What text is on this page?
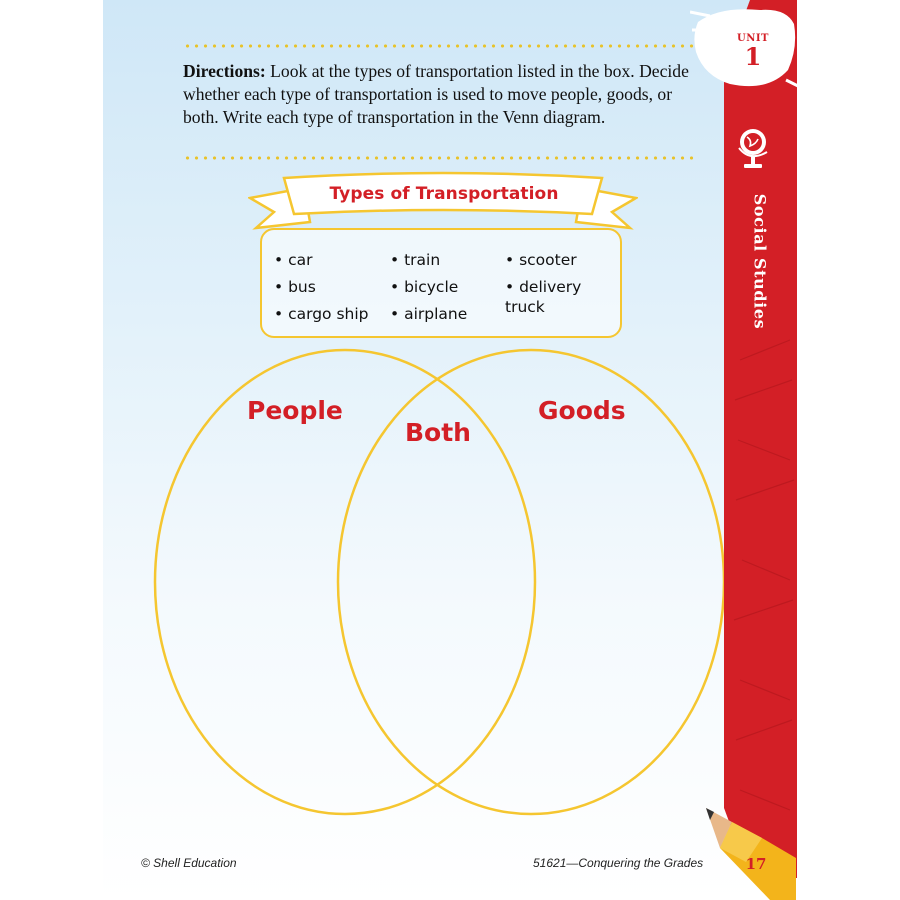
Directions: Look at the types of transportation listed in the box. Decide whether each type of transportation is used to move people, goods, or both. Write each type of transportation in the Venn diagram.
Types of Transportation
• car
• bus
• cargo ship
• train
• bicycle
• airplane
• scooter
• delivery truck
People
Both
Goods
© Shell Education	51621—Conquering the Grades
UNIT
1
Social Studies
17
